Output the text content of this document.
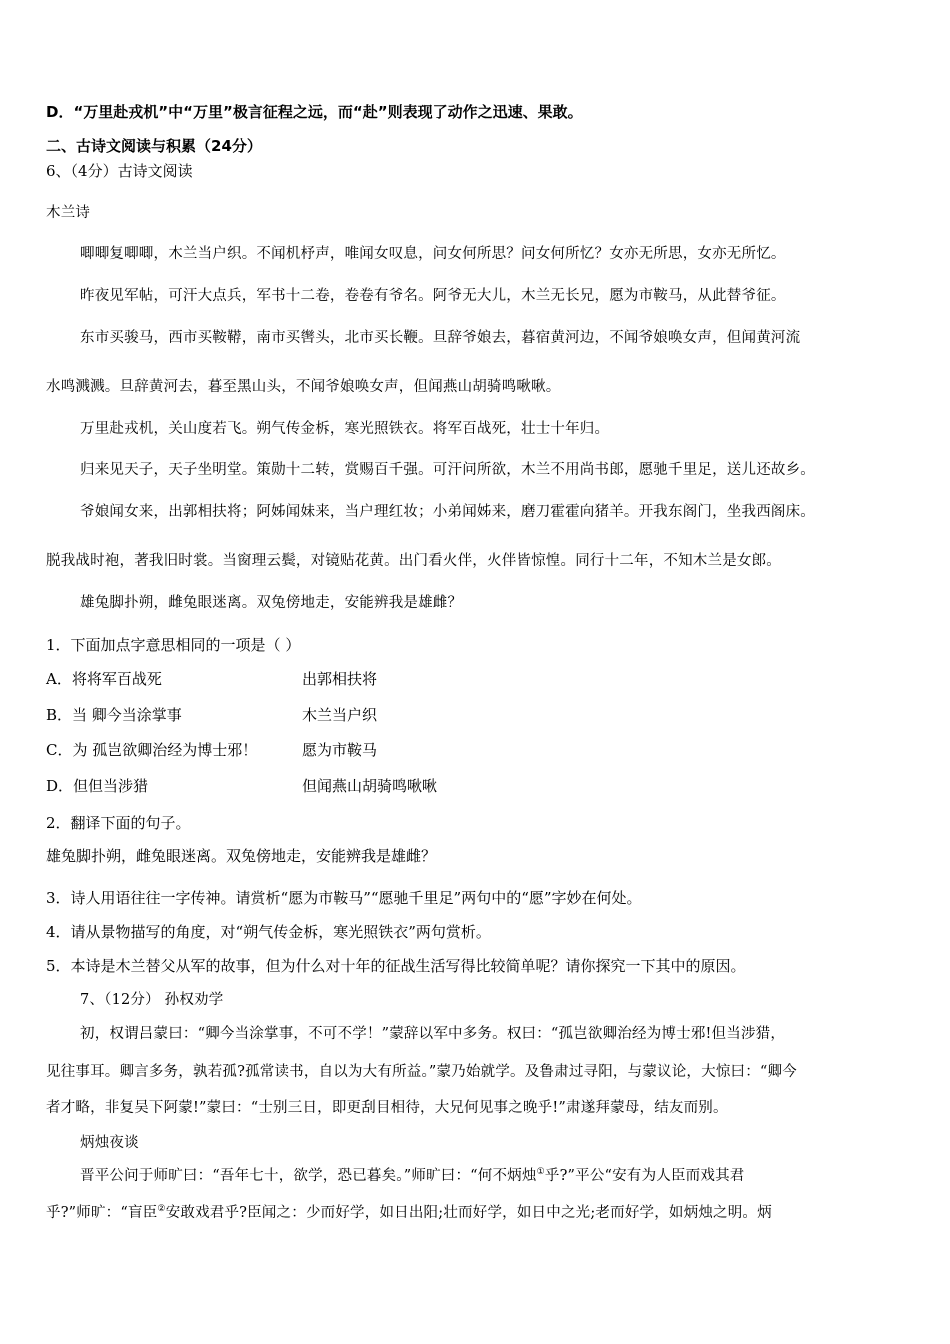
D．“万里赴戎机”中“万里”极言征程之远，而“赴”则表现了动作之迅速、果敢。
二、古诗文阅读与积累（24分）
6、（4分）古诗文阅读
木兰诗
唧唧复唧唧，木兰当户织。不闻机杼声，唯闻女叹息，问女何所思？问女何所忆？女亦无所思，女亦无所忆。
昨夜见军帖，可汗大点兵，军书十二卷，卷卷有爷名。阿爷无大儿，木兰无长兄，愿为市鞍马，从此替爷征。
东市买骏马，西市买鞍鞯，南市买辔头，北市买长鞭。旦辞爷娘去，暮宿黄河边，不闻爷娘唤女声，但闻黄河流
水鸣溅溅。旦辞黄河去，暮至黑山头，不闻爷娘唤女声，但闻燕山胡骑鸣啾啾。
万里赴戎机，关山度若飞。朔气传金柝，寒光照铁衣。将军百战死，壮士十年归。
归来见天子，天子坐明堂。策勋十二转，赏赐百千强。可汗问所欲，木兰不用尚书郎，愿驰千里足，送儿还故乡。
爷娘闻女来，出郭相扶将；阿姊闻妹来，当户理红妆；小弟闻姊来，磨刀霍霍向猪羊。开我东阁门，坐我西阁床。
脱我战时袍，著我旧时裳。当窗理云鬓，对镜贴花黄。出门看火伴，火伴皆惊惶。同行十二年，不知木兰是女郎。
雄兔脚扑朔，雌兔眼迷离。双兔傍地走，安能辨我是雄雌？
1．下面加点字意思相同的一项是（ ）
A．将将军百战死	出郭相扶将
B．当 卿今当涂掌事	木兰当户织
C．为 孤岂欲卿治经为博士邪！	愿为市鞍马
D．但但当涉猎	但闻燕山胡骑鸣啾啾
2．翻译下面的句子。
雄兔脚扑朔，雌兔眼迷离。双兔傍地走，安能辨我是雄雌？
3．诗人用语往往一字传神。请赏析“愿为市鞍马”“愿驰千里足”两句中的“愿”字妙在何处。
4．请从景物描写的角度，对“朔气传金柝，寒光照铁衣”两句赏析。
5．本诗是木兰替父从军的故事，但为什么对十年的征战生活写得比较简单呢？请你探究一下其中的原因。
7、（12分） 孙权劝学
初，权谓吕蒙曰：“卿今当涂掌事，不可不学！”蒙辞以军中多务。权曰：“孤岂欲卿治经为博士邪!但当涉猎，
见往事耳。卿言多务，孰若孤?孤常读书，自以为大有所益。”蒙乃始就学。及鲁肃过寻阳，与蒙议论，大惊曰：“卿今
者才略，非复吴下阿蒙!”蒙曰：“士别三日，即更刮目相待，大兄何见事之晚乎!”肃遂拜蒙母，结友而别。
炳烛夜谈
晋平公问于师旷曰：“吾年七十，欲学，恐已暮矣。”师旷曰：“何不炳烛①乎?”平公“安有为人臣而戏其君
乎?”师旷：“盲臣②安敢戏君乎?臣闻之：少而好学，如日出阳;壮而好学，如日中之光;老而好学，如炳烛之明。炳
